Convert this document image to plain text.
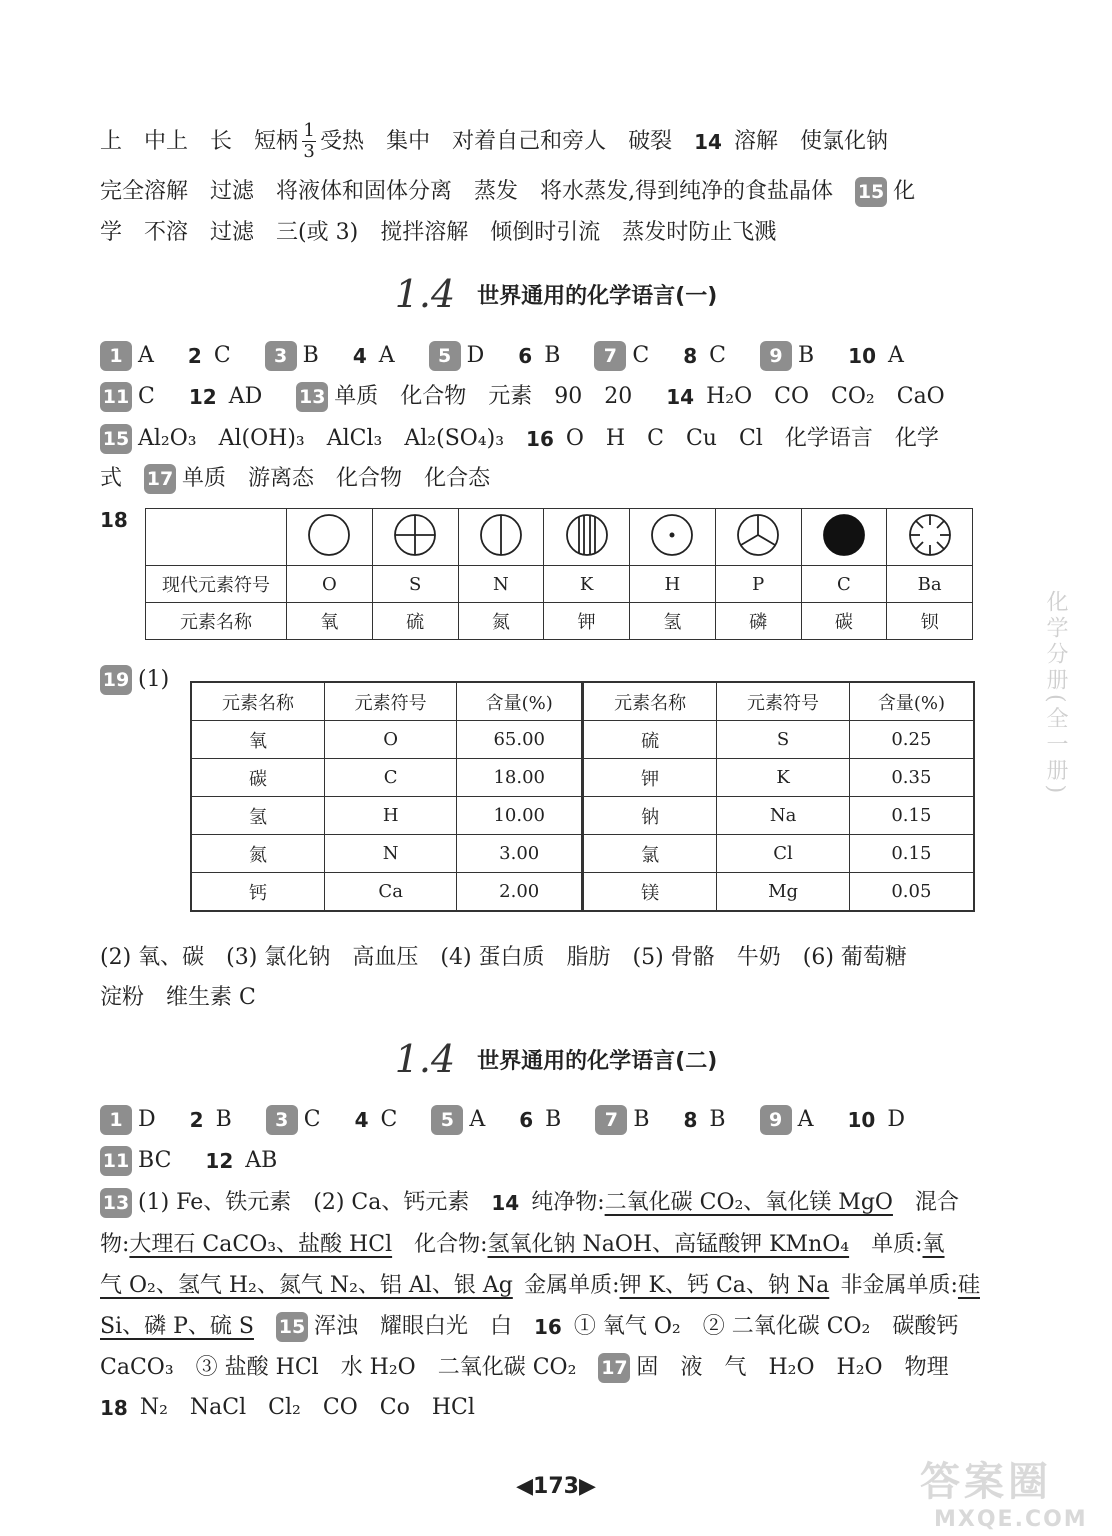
上 中上 长 短柄 $\frac{1}{3}$ 受热 集中 对着自己和旁人 破裂 14 溶解 使氯化钠
完全溶解 过滤 将液体和固体分离 蒸发 将水蒸发,得到纯净的食盐晶体 15 化
学 不溶 过滤 三(或 3) 搅拌溶解 倾倒时引流 蒸发时防止飞溅
1.4 世界通用的化学语言(一)
1 A 2 C	3 B 4 A	5 D 6 B	7 C 8 C	9 B 10 A
11 C 12 AD 13 单质 化合物 元素 90 20 14 H₂O CO CO₂ CaO
15 Al₂O₃ Al(OH)₃ AlCl₃ Al₂(SO₄)₃ 16 O H C Cu Cl 化学语言 化学
式 17 单质 游离态 化合物 化合态
18

现代元素符号	O	S	N	K	H	P	C	Ba
元素名称	氧	硫	氮	钾	氢	磷	碳	钡
19 (1)
元素名称	元素符号	含量(%)	元素名称	元素符号	含量(%)
氧	O	65.00	硫	S	0.25
碳	C	18.00	钾	K	0.35
氢	H	10.00	钠	Na	0.15
氮	N	3.00	氯	Cl	0.15
钙	Ca	2.00	镁	Mg	0.05
(2) 氧、碳 (3) 氯化钠 高血压 (4) 蛋白质 脂肪 (5) 骨骼 牛奶 (6) 葡萄糖
淀粉 维生素 C
1.4 世界通用的化学语言(二)
1 D 2 B	3 C 4 C	5 A 6 B	7 B 8 B	9 A 10 D
11 BC 12 AB
13 (1) Fe、铁元素 (2) Ca、钙元素 14 纯净物: 二氧化碳 CO₂、氧化镁 MgO 混合
物: 大理石 CaCO₃、盐酸 HCl 化合物: 氢氧化钠 NaOH、高锰酸钾 KMnO₄ 单质: 氧
气 O₂、氢气 H₂、氮气 N₂、铝 Al、银 Ag 金属单质: 钾 K、钙 Ca、钠 Na 非金属单质: 硅
Si、磷 P、硫 S 15 浑浊 耀眼白光 白 16 ① 氧气 O₂ ② 二氧化碳 CO₂ 碳酸钙
CaCO₃ ③ 盐酸 HCl 水 H₂O 二氧化碳 CO₂ 17 固 液 气 H₂O H₂O 物理
18 N₂ NaCl Cl₂ CO Co HCl
化学分册(全一册)
◀173▶	答案圈
MXQE.COM
